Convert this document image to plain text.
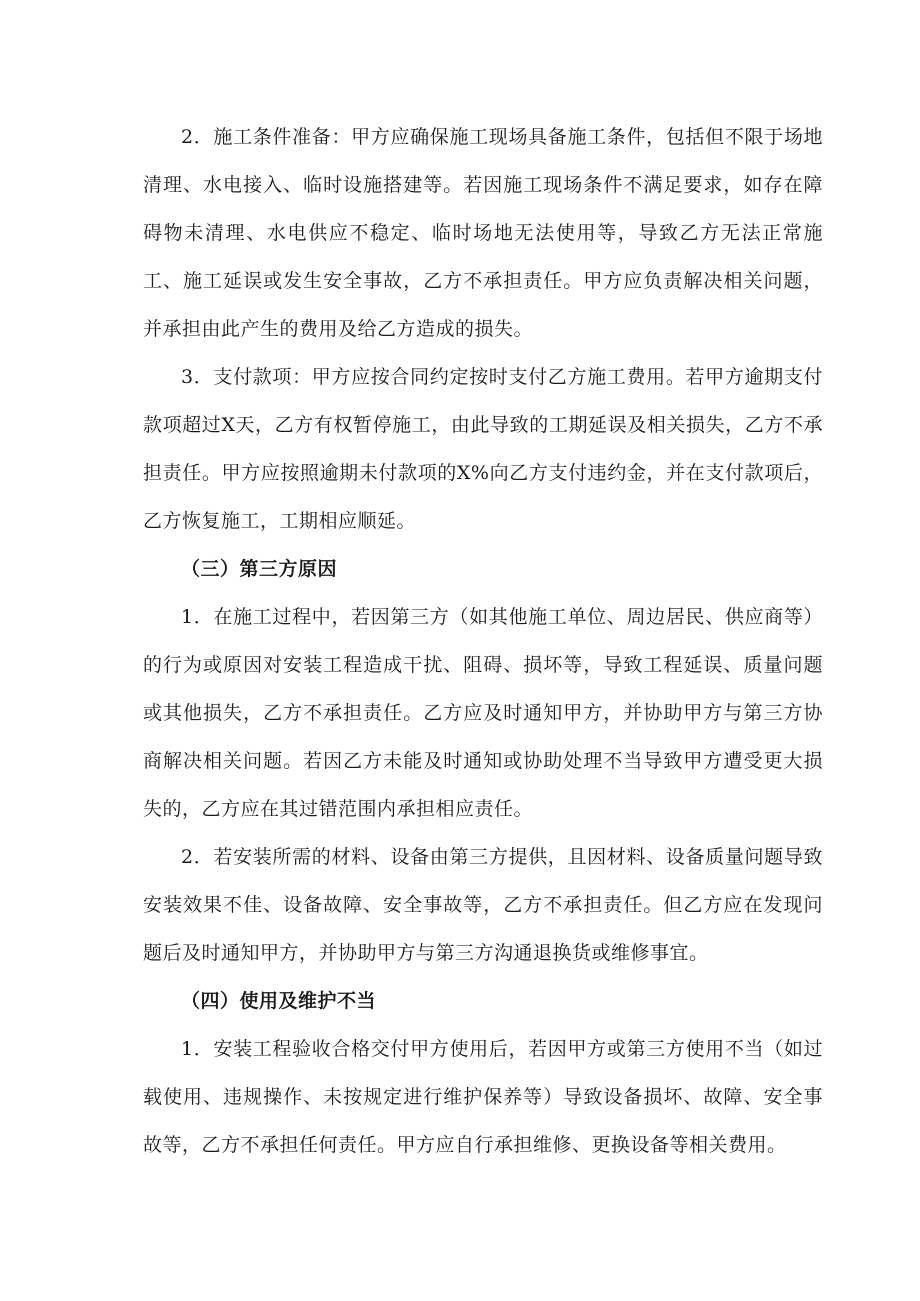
2．施工条件准备：甲方应确保施工现场具备施工条件，包括但不限于场地清理、水电接入、临时设施搭建等。若因施工现场条件不满足要求，如存在障碍物未清理、水电供应不稳定、临时场地无法使用等，导致乙方无法正常施工、施工延误或发生安全事故，乙方不承担责任。甲方应负责解决相关问题，并承担由此产生的费用及给乙方造成的损失。

3．支付款项：甲方应按合同约定按时支付乙方施工费用。若甲方逾期支付款项超过X天，乙方有权暂停施工，由此导致的工期延误及相关损失，乙方不承担责任。甲方应按照逾期未付款项的X%向乙方支付违约金，并在支付款项后，乙方恢复施工，工期相应顺延。

（三）第三方原因

1．在施工过程中，若因第三方（如其他施工单位、周边居民、供应商等）的行为或原因对安装工程造成干扰、阻碍、损坏等，导致工程延误、质量问题或其他损失，乙方不承担责任。乙方应及时通知甲方，并协助甲方与第三方协商解决相关问题。若因乙方未能及时通知或协助处理不当导致甲方遭受更大损失的，乙方应在其过错范围内承担相应责任。

2．若安装所需的材料、设备由第三方提供，且因材料、设备质量问题导致安装效果不佳、设备故障、安全事故等，乙方不承担责任。但乙方应在发现问题后及时通知甲方，并协助甲方与第三方沟通退换货或维修事宜。

（四）使用及维护不当

1．安装工程验收合格交付甲方使用后，若因甲方或第三方使用不当（如过载使用、违规操作、未按规定进行维护保养等）导致设备损坏、故障、安全事故等，乙方不承担任何责任。甲方应自行承担维修、更换设备等相关费用。
